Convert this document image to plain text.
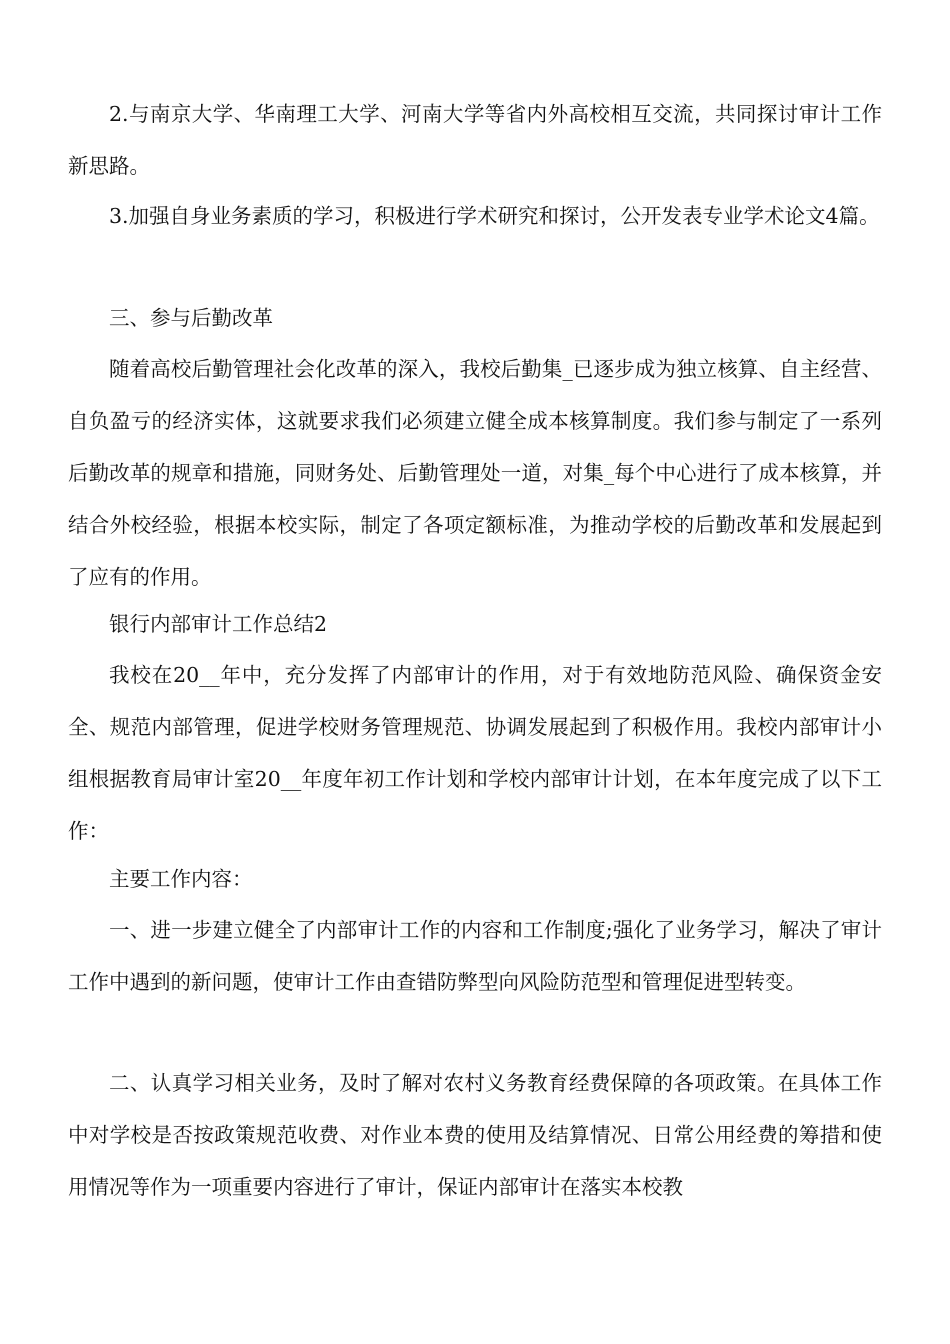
2.与南京大学、华南理工大学、河南大学等省内外高校相互交流，共同探讨审计工作新思路。

3.加强自身业务素质的学习，积极进行学术研究和探讨，公开发表专业学术论文4篇。

三、参与后勤改革

随着高校后勤管理社会化改革的深入，我校后勤集_已逐步成为独立核算、自主经营、自负盈亏的经济实体，这就要求我们必须建立健全成本核算制度。我们参与制定了一系列后勤改革的规章和措施，同财务处、后勤管理处一道，对集_每个中心进行了成本核算，并结合外校经验，根据本校实际，制定了各项定额标准，为推动学校的后勤改革和发展起到了应有的作用。

银行内部审计工作总结2

我校在20__年中，充分发挥了内部审计的作用，对于有效地防范风险、确保资金安全、规范内部管理，促进学校财务管理规范、协调发展起到了积极作用。我校内部审计小组根据教育局审计室20__年度年初工作计划和学校内部审计计划，在本年度完成了以下工作：

主要工作内容：

一、进一步建立健全了内部审计工作的内容和工作制度;强化了业务学习，解决了审计工作中遇到的新问题，使审计工作由查错防弊型向风险防范型和管理促进型转变。

二、认真学习相关业务，及时了解对农村义务教育经费保障的各项政策。在具体工作中对学校是否按政策规范收费、对作业本费的使用及结算情况、日常公用经费的筹措和使用情况等作为一项重要内容进行了审计，保证内部审计在落实本校教
